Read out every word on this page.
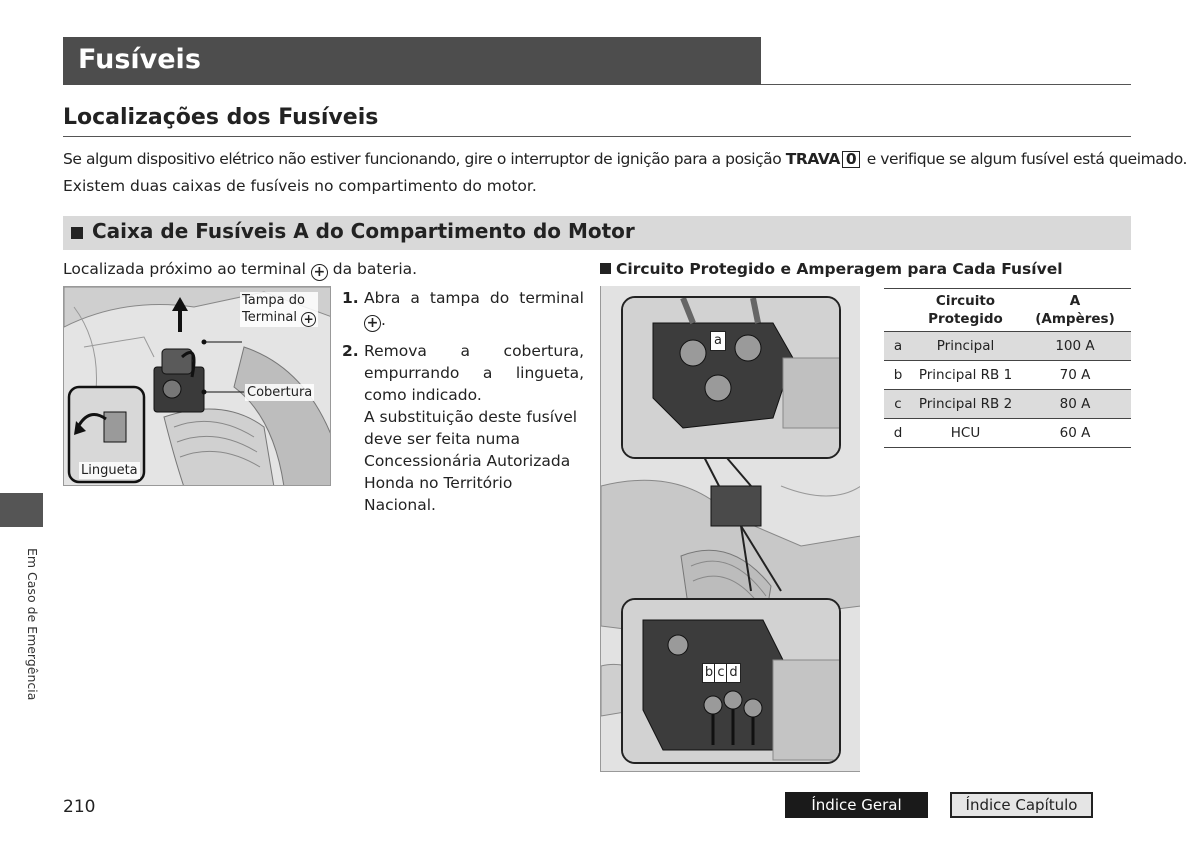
Fusíveis
Localizações dos Fusíveis
Se algum dispositivo elétrico não estiver funcionando, gire o interruptor de ignição para a posição TRAVA 0 e verifique se algum fusível está queimado.
Existem duas caixas de fusíveis no compartimento do motor.
Caixa de Fusíveis A do Compartimento do Motor
Localizada próximo ao terminal + da bateria.
Tampa do
Terminal +
Cobertura
Lingueta
1. Abra a tampa do terminal + .

2. Remova a cobertura, empurrando a lingueta, como indicado.

A substituição deste fusível deve ser feita numa Concessionária Autorizada Honda no Território Nacional.

Circuito Protegido e Amperagem para Cada Fusível
a
b c d
	Circuito
Protegido	A
(Ampères)
a	Principal	100 A
b	Principal RB 1	70 A
c	Principal RB 2	80 A
d	HCU	60 A
Em Caso de Emergência
210	Índice Geral	Índice Capítulo
